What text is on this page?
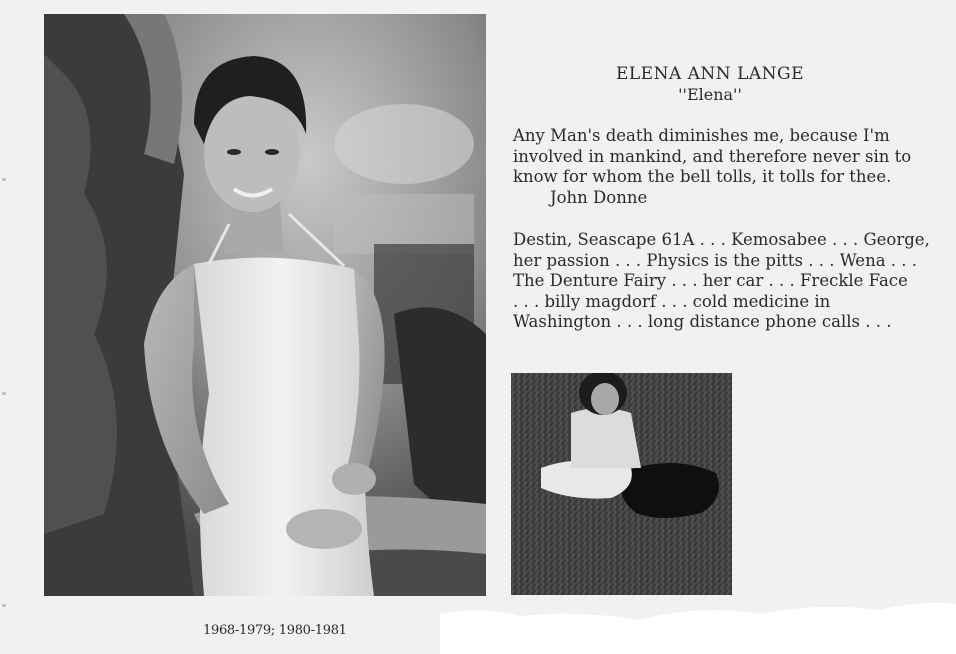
ELENA ANN LANGE
''Elena''
Any Man's death diminishes me, because I'm
involved in mankind, and therefore never sin to
know for whom the bell tolls, it tolls for thee.
John Donne
Destin, Seascape 61A . . . Kemosabee . . . George,
her passion . . . Physics is the pitts . . . Wena . . .
The Denture Fairy . . . her car . . . Freckle Face
. . . billy magdorf . . . cold medicine in
Washington . . . long distance phone calls . . .
1968-1979; 1980-1981
